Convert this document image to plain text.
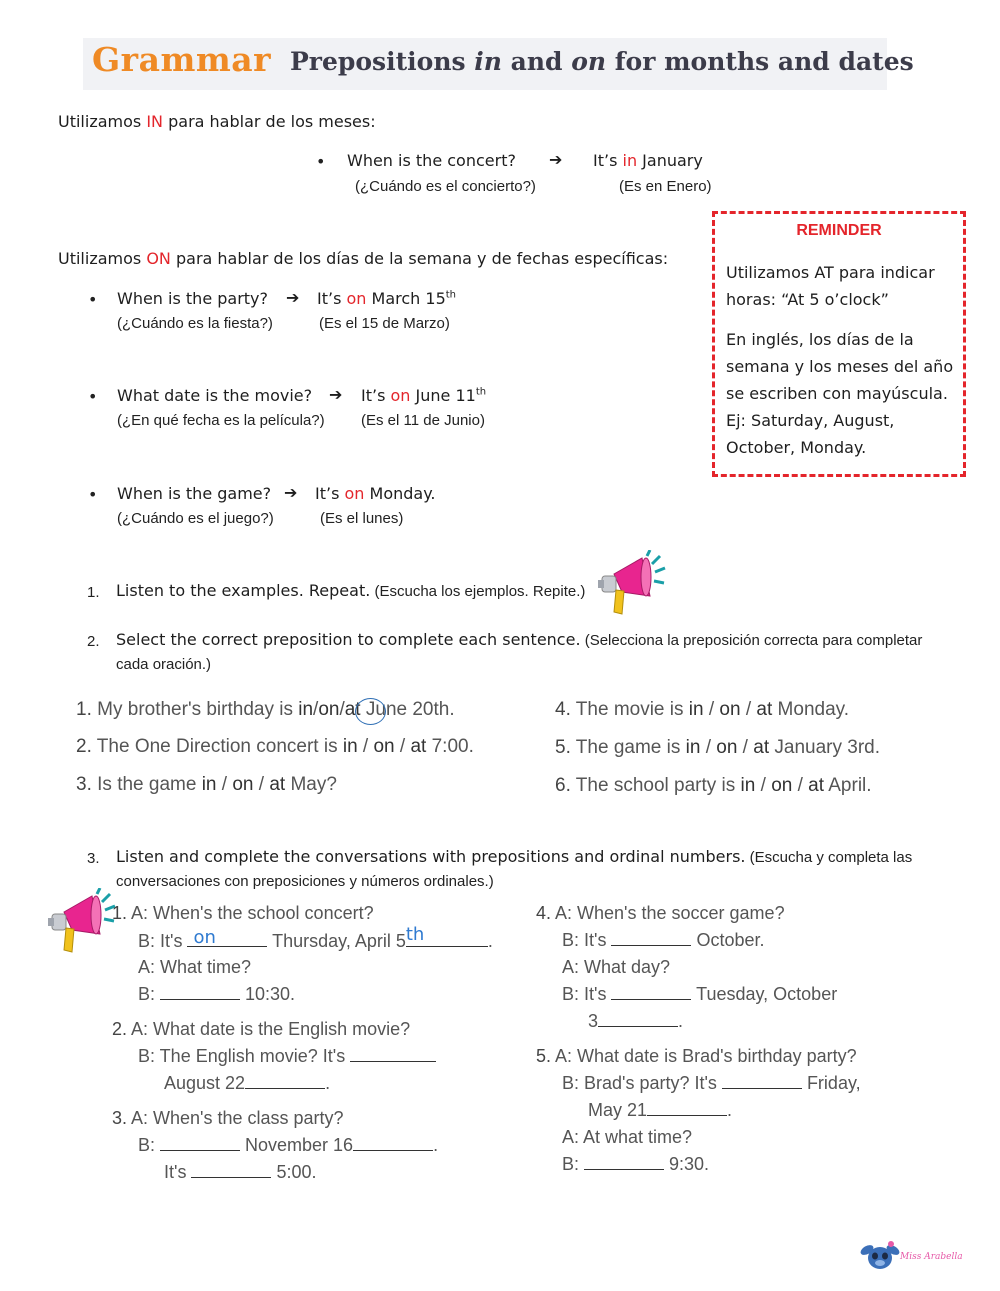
Grammar Prepositions in and on for months and dates
Utilizamos IN para hablar de los meses:
• When is the concert? ➔ It’s in January
(¿Cuándo es el concierto?)	(Es en Enero)
Utilizamos ON para hablar de los días de la semana y de fechas específicas:
• When is the party? ➔ It’s on March 15th
(¿Cuándo es la fiesta?)	(Es el 15 de Marzo)
• What date is the movie? ➔ It’s on June 11th
(¿En qué fecha es la película?) (Es el 11 de Junio)
• When is the game? ➔ It’s on Monday.
(¿Cuándo es el juego?)	(Es el lunes)
REMINDER
Utilizamos AT para indicar horas: “At 5 o’clock”
En inglés, los días de la semana y los meses del año se escriben con mayúscula. Ej: Saturday, August, October, Monday.
1. Listen to the examples. Repeat. (Escucha los ejemplos. Repite.)
2. Select the correct preposition to complete each sentence. (Selecciona la preposición correcta para completar
cada oración.)
1. My brother's birthday is in/on/at June 20th.
2. The One Direction concert is in / on / at 7:00.
3. Is the game in / on / at May?
4. The movie is in / on / at Monday.
5. The game is in / on / at January 3rd.
6. The school party is in / on / at April.
3. Listen and complete the conversations with prepositions and ordinal numbers. (Escucha y completa las
conversaciones con preposiciones y números ordinales.)
1. A: When's the school concert?
B: It's on	Thursday, April 5 th	.
A: What time?
B:	10:30.
2. A: What date is the English movie?
B: The English movie? It's
August 22	.
3. A: When's the class party?
B:	November 16	.
It's	5:00.
4. A: When's the soccer game?
B: It's	October.
A: What day?
B: It's	Tuesday, October
3	.
5. A: What date is Brad's birthday party?
B: Brad's party? It's	Friday,
May 21	.
A: At what time?
B:	9:30.
Miss Arabella
